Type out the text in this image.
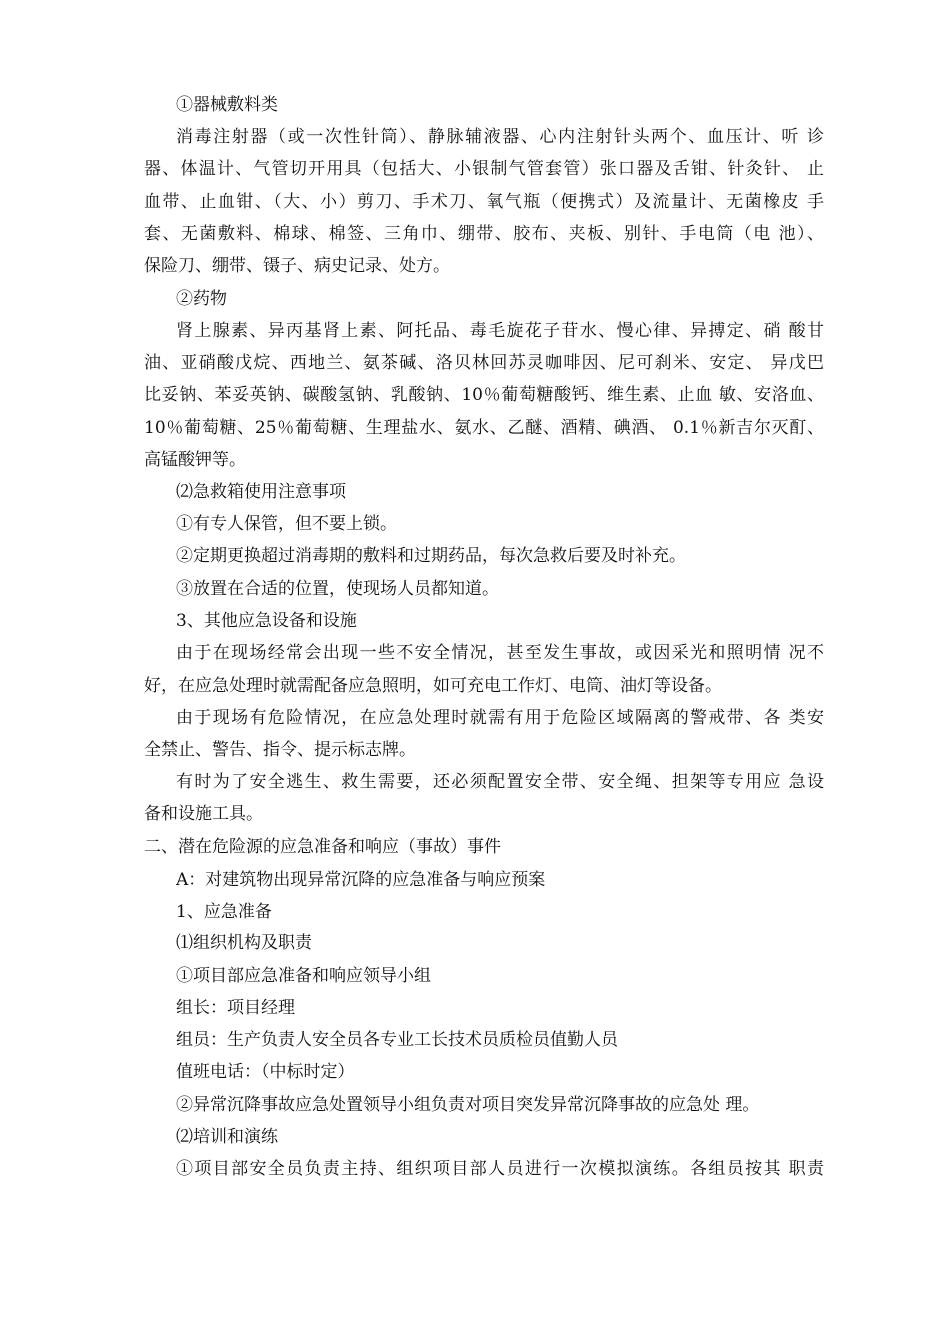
①器械敷料类
消毒注射器（或一次性针筒）、静脉辅液器、心内注射针头两个、血压计、听 诊
器、体温计、气管切开用具（包括大、小银制气管套管）张口器及舌钳、针灸针、 止
血带、止血钳、（大、小）剪刀、手术刀、氧气瓶（便携式）及流量计、无菌橡皮 手
套、无菌敷料、棉球、棉签、三角巾、绷带、胶布、夹板、别针、手电筒（电 池）、
保险刀、绷带、镊子、病史记录、处方。
②药物
肾上腺素、异丙基肾上素、阿托品、毒毛旋花子苷水、慢心律、异搏定、硝 酸甘
油、亚硝酸戊烷、西地兰、氨茶碱、洛贝林回苏灵咖啡因、尼可刹米、安定、 异戊巴
比妥钠、苯妥英钠、碳酸氢钠、乳酸钠、10％葡萄糖酸钙、维生素、止血 敏、安洛血、
10％葡萄糖、25％葡萄糖、生理盐水、氨水、乙醚、酒精、碘酒、 0.1％新吉尔灭酊、
高锰酸钾等。
⑵急救箱使用注意事项
①有专人保管，但不要上锁。
②定期更换超过消毒期的敷料和过期药品，每次急救后要及时补充。
③放置在合适的位置，使现场人员都知道。
3、其他应急设备和设施
由于在现场经常会出现一些不安全情况，甚至发生事故，或因采光和照明情 况不
好，在应急处理时就需配备应急照明，如可充电工作灯、电筒、油灯等设备。
由于现场有危险情况，在应急处理时就需有用于危险区域隔离的警戒带、各 类安
全禁止、警告、指令、提示标志牌。
有时为了安全逃生、救生需要，还必须配置安全带、安全绳、担架等专用应 急设
备和设施工具。
二、潜在危险源的应急准备和响应（事故）事件
A：对建筑物出现异常沉降的应急准备与响应预案
1、应急准备
⑴组织机构及职责
①项目部应急准备和响应领导小组
组长：项目经理
组员：生产负责人安全员各专业工长技术员质检员值勤人员
值班电话：（中标时定）
②异常沉降事故应急处置领导小组负责对项目突发异常沉降事故的应急处 理。
⑵培训和演练
①项目部安全员负责主持、组织项目部人员进行一次模拟演练。各组员按其 职责
